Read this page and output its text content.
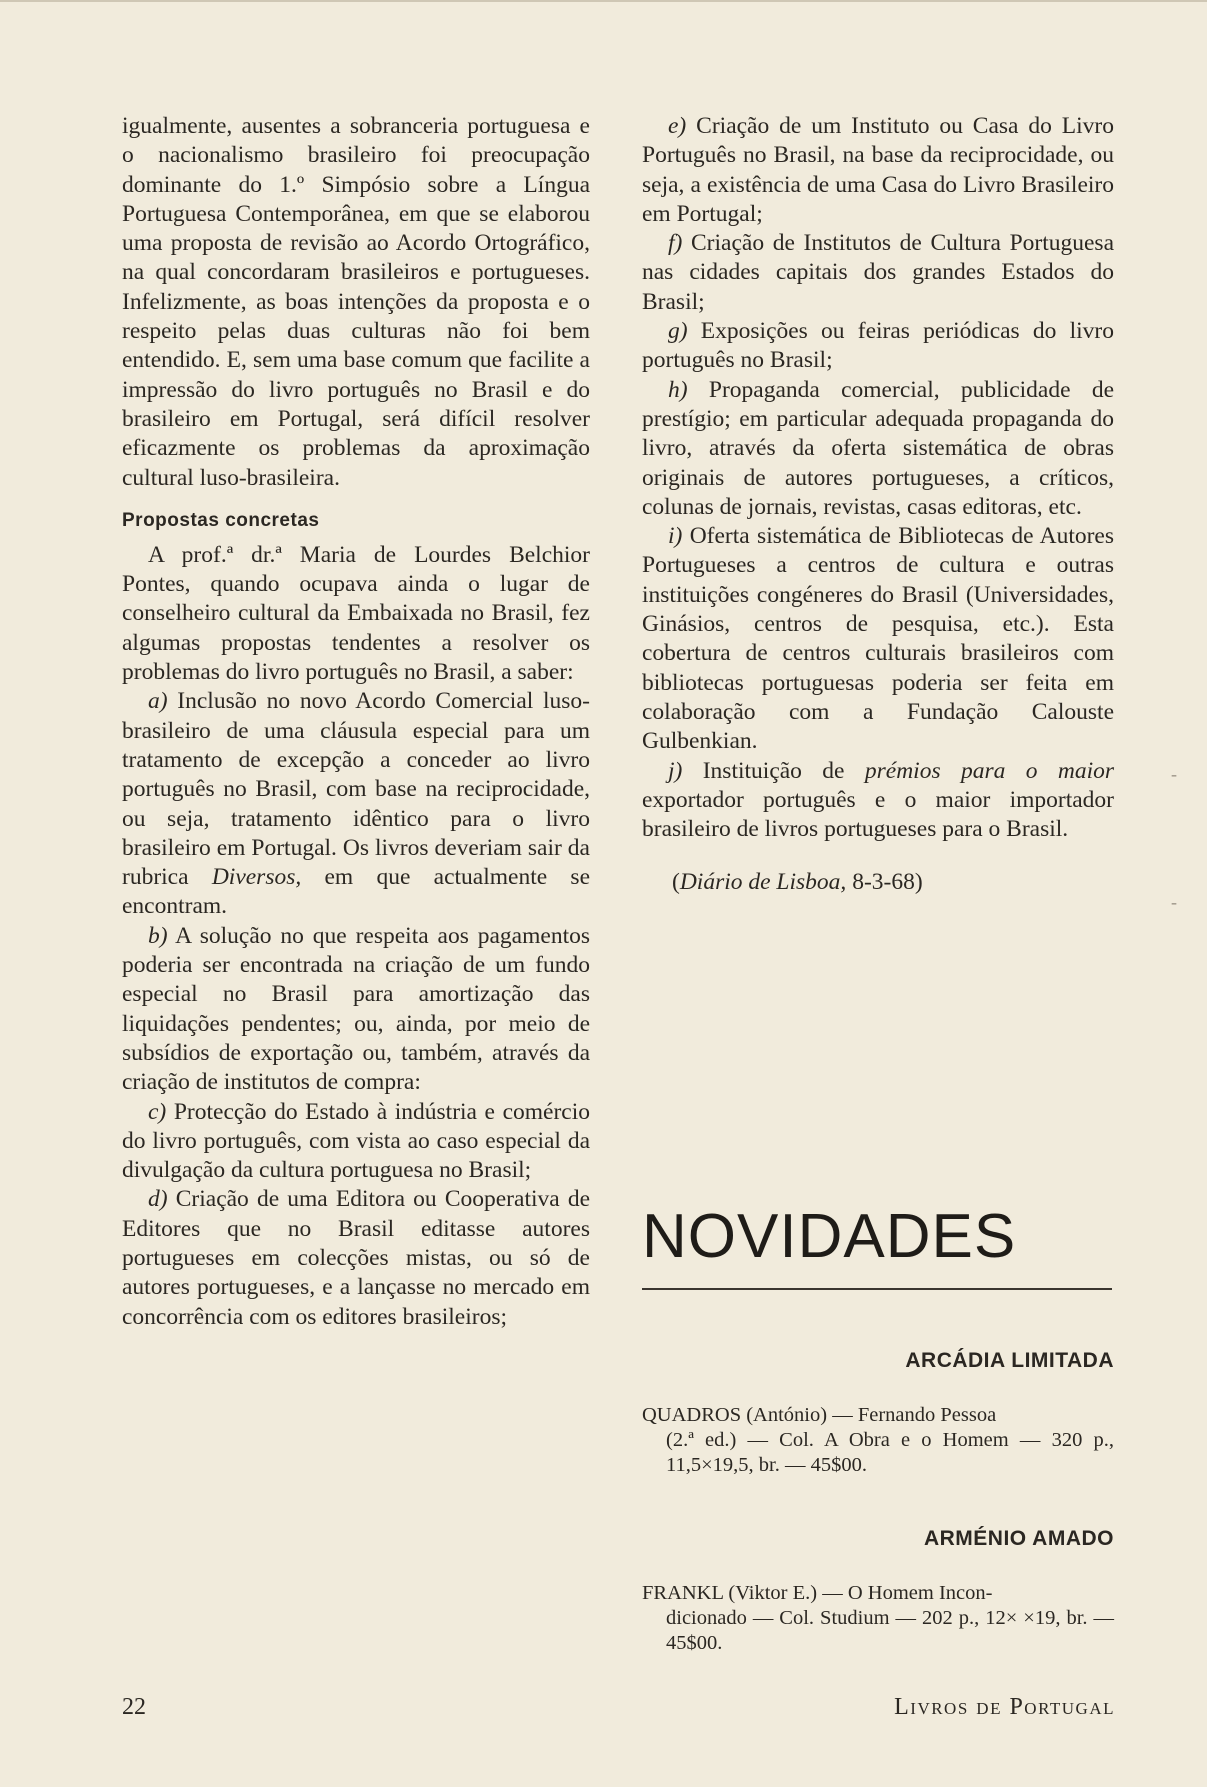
igualmente, ausentes a sobranceria portuguesa e o nacionalismo brasileiro foi preocupação dominante do 1.º Simpósio sobre a Língua Portuguesa Contemporânea, em que se elaborou uma proposta de revisão ao Acordo Ortográfico, na qual concordaram brasileiros e portugueses. Infelizmente, as boas intenções da proposta e o respeito pelas duas culturas não foi bem entendido. E, sem uma base comum que facilite a impressão do livro português no Brasil e do brasileiro em Portugal, será difícil resolver eficazmente os problemas da aproximação cultural luso-brasileira.

Propostas concretas

A prof.ª dr.ª Maria de Lourdes Belchior Pontes, quando ocupava ainda o lugar de conselheiro cultural da Embaixada no Brasil, fez algumas propostas tendentes a resolver os problemas do livro português no Brasil, a saber:

a) Inclusão no novo Acordo Comercial luso-brasileiro de uma cláusula especial para um tratamento de excepção a conceder ao livro português no Brasil, com base na reciprocidade, ou seja, tratamento idêntico para o livro brasileiro em Portugal. Os livros deveriam sair da rubrica Diversos, em que actualmente se encontram.

b) A solução no que respeita aos pagamentos poderia ser encontrada na criação de um fundo especial no Brasil para amortização das liquidações pendentes; ou, ainda, por meio de subsídios de exportação ou, também, através da criação de institutos de compra:

c) Protecção do Estado à indústria e comércio do livro português, com vista ao caso especial da divulgação da cultura portuguesa no Brasil;

d) Criação de uma Editora ou Cooperativa de Editores que no Brasil editasse autores portugueses em colecções mistas, ou só de autores portugueses, e a lançasse no mercado em concorrência com os editores brasileiros;

e) Criação de um Instituto ou Casa do Livro Português no Brasil, na base da reciprocidade, ou seja, a existência de uma Casa do Livro Brasileiro em Portugal;

f) Criação de Institutos de Cultura Portuguesa nas cidades capitais dos grandes Estados do Brasil;

g) Exposições ou feiras periódicas do livro português no Brasil;

h) Propaganda comercial, publicidade de prestígio; em particular adequada propaganda do livro, através da oferta sistemática de obras originais de autores portugueses, a críticos, colunas de jornais, revistas, casas editoras, etc.

i) Oferta sistemática de Bibliotecas de Autores Portugueses a centros de cultura e outras instituições congéneres do Brasil (Universidades, Ginásios, centros de pesquisa, etc.). Esta cobertura de centros culturais brasileiros com bibliotecas portuguesas poderia ser feita em colaboração com a Fundação Calouste Gulbenkian.

j) Instituição de prémios para o maior exportador português e o maior importador brasileiro de livros portugueses para o Brasil.

(Diário de Lisboa, 8-3-68)

NOVIDADES
ARCÁDIA LIMITADA
QUADROS (António) — Fernando Pessoa
(2.ª ed.) — Col. A Obra e o Homem — 320 p., 11,5×19,5, br. — 45$00.
ARMÉNIO AMADO
FRANKL (Viktor E.) — O Homem Incon-
dicionado — Col. Studium — 202 p., 12× ×19, br. — 45$00.
22	Livros de Portugal
-
-
